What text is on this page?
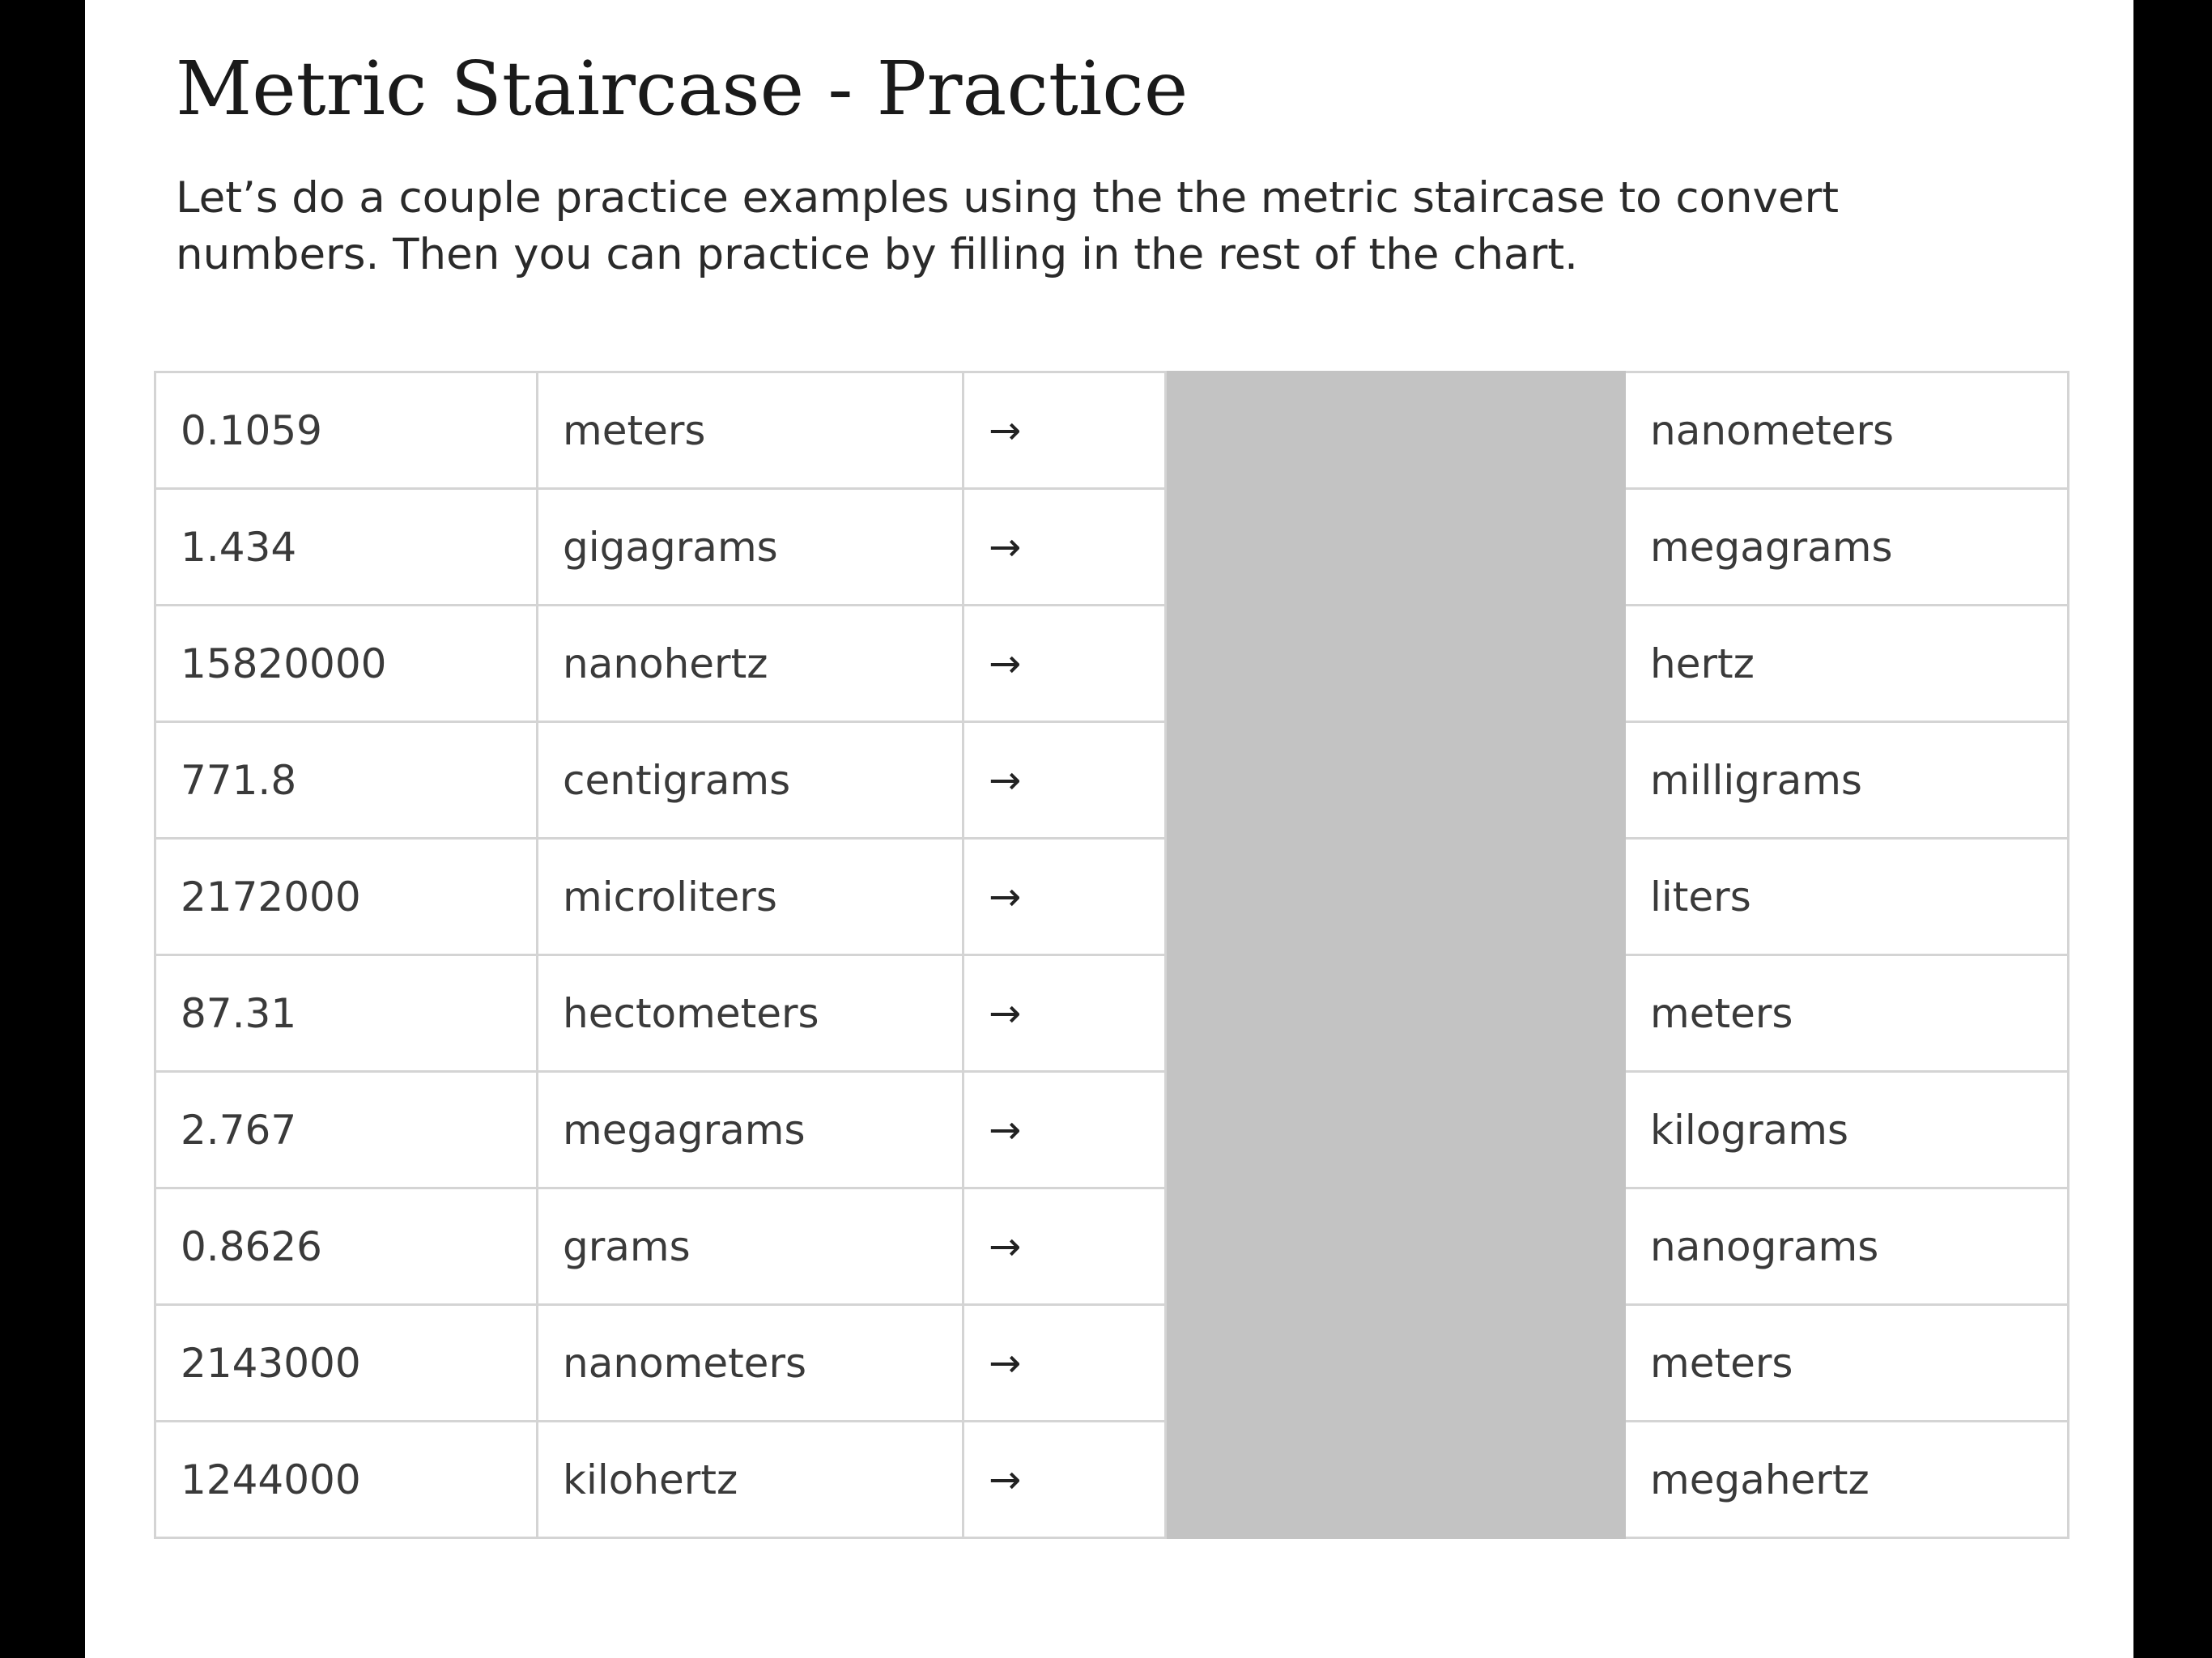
Metric Staircase - Practice

Let’s do a couple practice examples using the the metric staircase to convert
numbers. Then you can practice by filling in the rest of the chart.

0.1059	meters	→		nanometers
1.434	gigagrams	→		megagrams
15820000	nanohertz	→		hertz
771.8	centigrams	→		milligrams
2172000	microliters	→		liters
87.31	hectometers	→		meters
2.767	megagrams	→		kilograms
0.8626	grams	→		nanograms
2143000	nanometers	→		meters
1244000	kilohertz	→		megahertz
